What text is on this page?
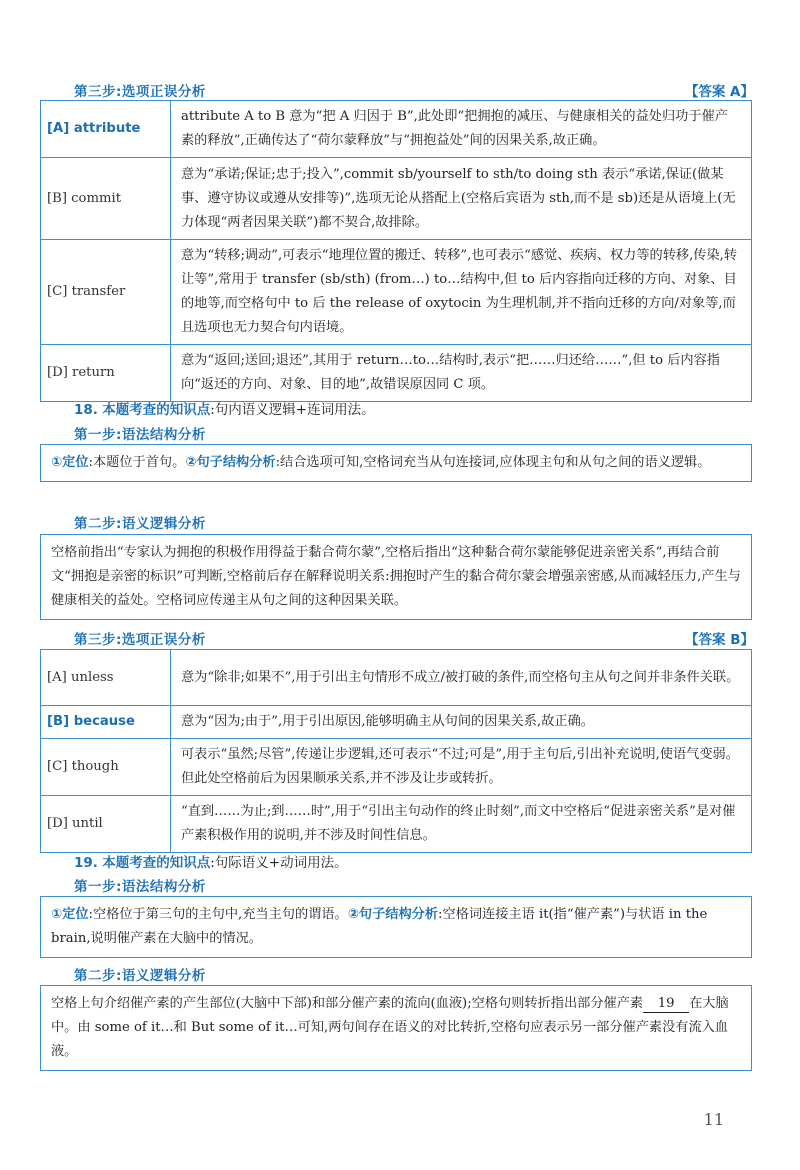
第三步:选项正误分析	【答案 A】
[A] attribute	attribute A to B 意为“把 A 归因于 B”,此处即“把拥抱的减压、与健康相关的益处归功于催产素的释放”,正确传达了“荷尔蒙释放”与“拥抱益处”间的因果关系,故正确。
[B] commit	意为“承诺;保证;忠于;投入”,commit sb/yourself to sth/to doing sth 表示“承诺,保证(做某事、遵守协议或遵从安排等)”,选项无论从搭配上(空格后宾语为 sth,而不是 sb)还是从语境上(无力体现“两者因果关联”)都不契合,故排除。
[C] transfer	意为“转移;调动”,可表示“地理位置的搬迁、转移”,也可表示“感觉、疾病、权力等的转移,传染,转让等”,常用于 transfer (sb/sth) (from…) to…结构中,但 to 后内容指向迁移的方向、对象、目的地等,而空格句中 to 后 the release of oxytocin 为生理机制,并不指向迁移的方向/对象等,而且选项也无力契合句内语境。
[D] return	意为“返回;送回;退还”,其用于 return…to…结构时,表示“把……归还给……”,但 to 后内容指向“返还的方向、对象、目的地”,故错误原因同 C 项。
18. 本题考查的知识点:句内语义逻辑+连词用法。
第一步:语法结构分析
①定位:本题位于首句。②句子结构分析:结合选项可知,空格词充当从句连接词,应体现主句和从句之间的语义逻辑。
第二步:语义逻辑分析
空格前指出“专家认为拥抱的积极作用得益于黏合荷尔蒙”,空格后指出“这种黏合荷尔蒙能够促进亲密关系”,再结合前文“拥抱是亲密的标识”可判断,空格前后存在解释说明关系:拥抱时产生的黏合荷尔蒙会增强亲密感,从而减轻压力,产生与健康相关的益处。空格词应传递主从句之间的这种因果关联。
第三步:选项正误分析	【答案 B】
[A] unless	意为“除非;如果不”,用于引出主句情形不成立/被打破的条件,而空格句主从句之间并非条件关联。
[B] because	意为“因为;由于”,用于引出原因,能够明确主从句间的因果关系,故正确。
[C] though	可表示“虽然;尽管”,传递让步逻辑,还可表示“不过;可是”,用于主句后,引出补充说明,使语气变弱。但此处空格前后为因果顺承关系,并不涉及让步或转折。
[D] until	“直到……为止;到……时”,用于“引出主句动作的终止时刻”,而文中空格后“促进亲密关系”是对催产素积极作用的说明,并不涉及时间性信息。
19. 本题考查的知识点:句际语义+动词用法。
第一步:语法结构分析
①定位:空格位于第三句的主句中,充当主句的谓语。②句子结构分析:空格词连接主语 it(指“催产素”)与状语 in the brain,说明催产素在大脑中的情况。
第二步:语义逻辑分析
空格上句介绍催产素的产生部位(大脑中下部)和部分催产素的流向(血液);空格句则转折指出部分催产素 19 在大脑中。由 some of it…和 But some of it…可知,两句间存在语义的对比转折,空格句应表示另一部分催产素没有流入血液。
11
